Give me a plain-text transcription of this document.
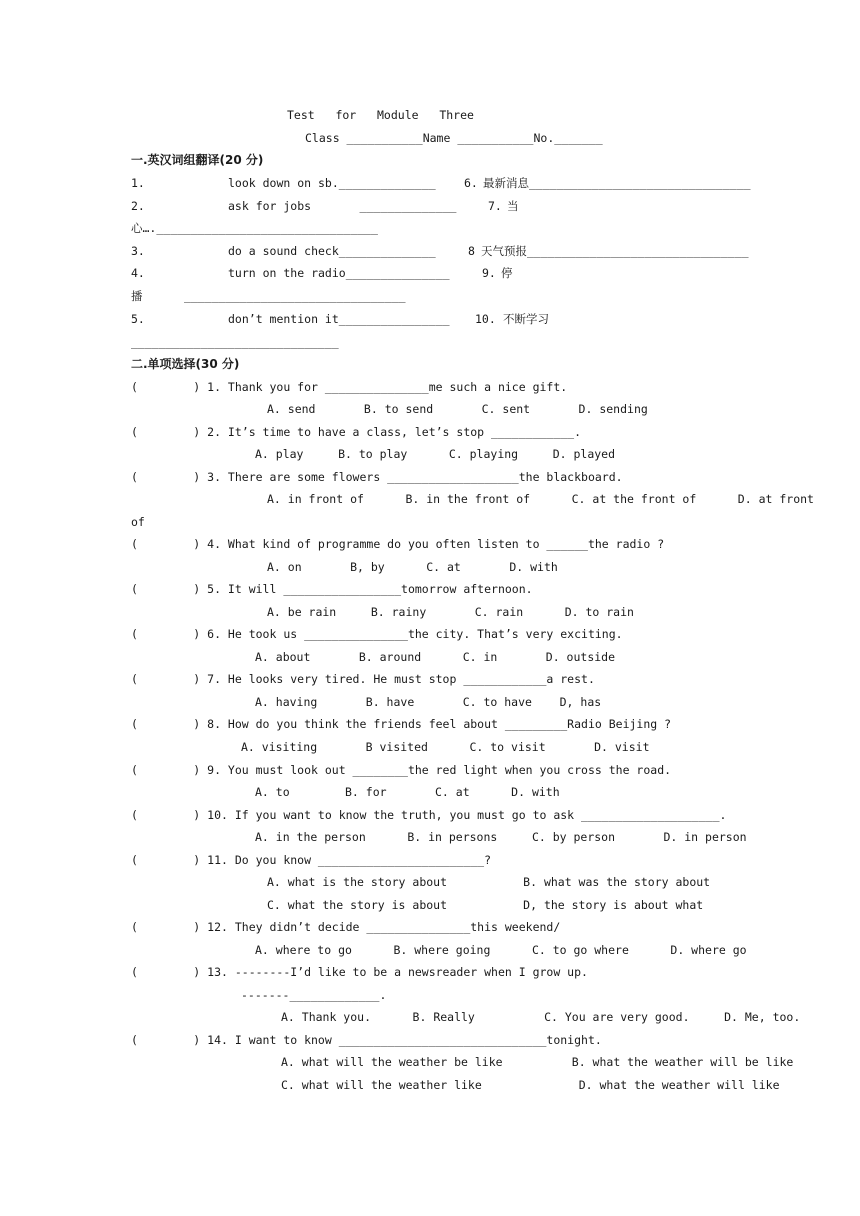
Test   for   Module   Three
Class ___________Name ___________No._______
一.英汉词组翻译(20 分)
1.	look down on sb.______________ 6. 最新消息________________________________
2.	ask for jobs       ______________	7. 当
心….________________________________
3.	do a sound check______________	8 天气预报________________________________
4.	turn on the radio_______________	9. 停
播      ________________________________
5.	don’t mention it________________ 10. 不断学习
______________________________
二.单项选择(30 分)
(        ) 1. Thank you for _______________me such a nice gift.
A. send       B. to send       C. sent       D. sending
(        ) 2. It’s time to have a class, let’s stop ____________.
A. play     B. to play      C. playing     D. played
(        ) 3. There are some flowers ___________________the blackboard.
A. in front of      B. in the front of      C. at the front of      D. at front
of
(        ) 4. What kind of programme do you often listen to ______the radio ?
A. on       B, by      C. at       D. with
(        ) 5. It will _________________tomorrow afternoon.
A. be rain     B. rainy       C. rain      D. to rain
(        ) 6. He took us _______________the city. That’s very exciting.
A. about       B. around      C. in       D. outside
(        ) 7. He looks very tired. He must stop ____________a rest.
A. having       B. have       C. to have    D, has
(        ) 8. How do you think the friends feel about _________Radio Beijing ?
A. visiting       B visited      C. to visit       D. visit
(        ) 9. You must look out ________the red light when you cross the road.
A. to        B. for       C. at      D. with
(        ) 10. If you want to know the truth, you must go to ask ____________________.
A. in the person      B. in persons     C. by person       D. in person
(        ) 11. Do you know ________________________?
A. what is the story about           B. what was the story about
C. what the story is about           D, the story is about what
(        ) 12. They didn’t decide _______________this weekend/
A. where to go      B. where going      C. to go where      D. where go
(        ) 13. --------I’d like to be a newsreader when I grow up.
-------_____________.
A. Thank you.      B. Really          C. You are very good.     D. Me, too.
(        ) 14. I want to know ______________________________tonight.
A. what will the weather be like          B. what the weather will be like
C. what will the weather like              D. what the weather will like
